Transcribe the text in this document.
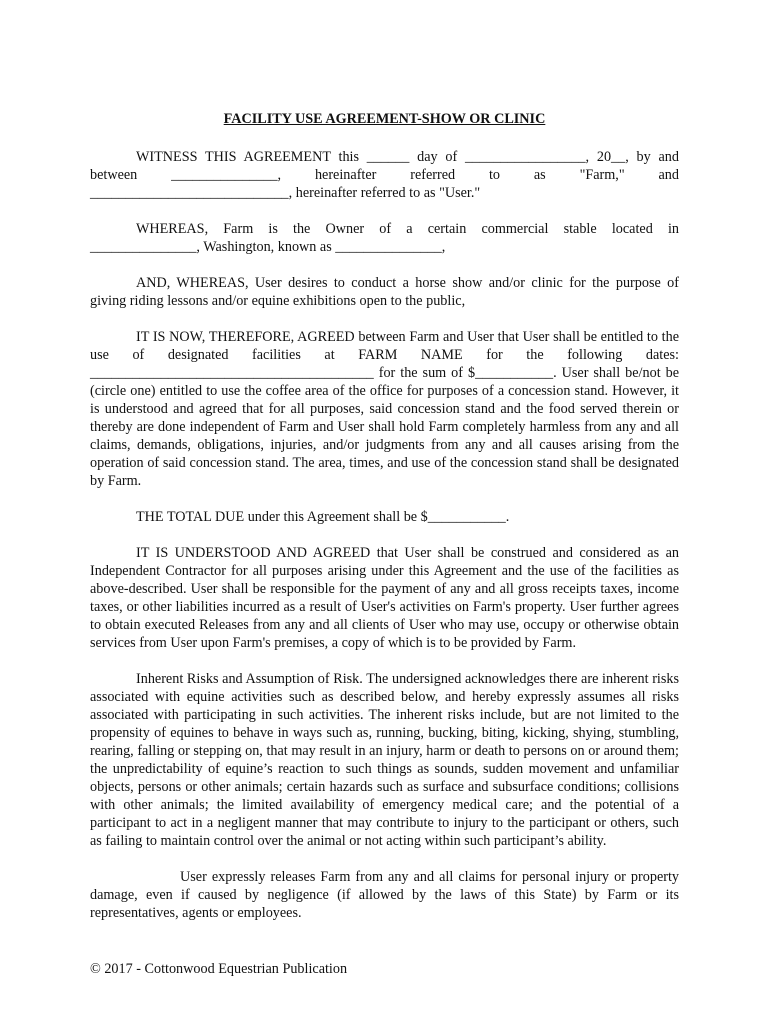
FACILITY USE AGREEMENT-SHOW OR CLINIC
WITNESS THIS AGREEMENT this ______ day of _________________, 20__, by and
between _______________, hereinafter referred to as "Farm," and
____________________________, hereinafter referred to as "User."
WHEREAS, Farm is the Owner of a certain commercial stable located in
_______________, Washington, known as _______________,
AND, WHEREAS, User desires to conduct a horse show and/or clinic for the purpose of giving riding lessons and/or equine exhibitions open to the public,
IT IS NOW, THEREFORE, AGREED between Farm and User that User shall be entitled to the use of designated facilities at FARM NAME for the following dates: ________________________________________ for the sum of $___________. User shall be/not be (circle one) entitled to use the coffee area of the office for purposes of a concession stand. However, it is understood and agreed that for all purposes, said concession stand and the food served therein or thereby are done independent of Farm and User shall hold Farm completely harmless from any and all claims, demands, obligations, injuries, and/or judgments from any and all causes arising from the operation of said concession stand. The area, times, and use of the concession stand shall be designated by Farm.
THE TOTAL DUE under this Agreement shall be $___________.
IT IS UNDERSTOOD AND AGREED that User shall be construed and considered as an Independent Contractor for all purposes arising under this Agreement and the use of the facilities as above-described. User shall be responsible for the payment of any and all gross receipts taxes, income taxes, or other liabilities incurred as a result of User's activities on Farm's property. User further agrees to obtain executed Releases from any and all clients of User who may use, occupy or otherwise obtain services from User upon Farm's premises, a copy of which is to be provided by Farm.
Inherent Risks and Assumption of Risk. The undersigned acknowledges there are inherent risks associated with equine activities such as described below, and hereby expressly assumes all risks associated with participating in such activities. The inherent risks include, but are not limited to the propensity of equines to behave in ways such as, running, bucking, biting, kicking, shying, stumbling, rearing, falling or stepping on, that may result in an injury, harm or death to persons on or around them; the unpredictability of equine’s reaction to such things as sounds, sudden movement and unfamiliar objects, persons or other animals; certain hazards such as surface and subsurface conditions; collisions with other animals; the limited availability of emergency medical care; and the potential of a participant to act in a negligent manner that may contribute to injury to the participant or others, such as failing to maintain control over the animal or not acting within such participant’s ability.
User expressly releases Farm from any and all claims for personal injury or property damage, even if caused by negligence (if allowed by the laws of this State) by Farm or its representatives, agents or employees.
© 2017 - Cottonwood Equestrian Publication
